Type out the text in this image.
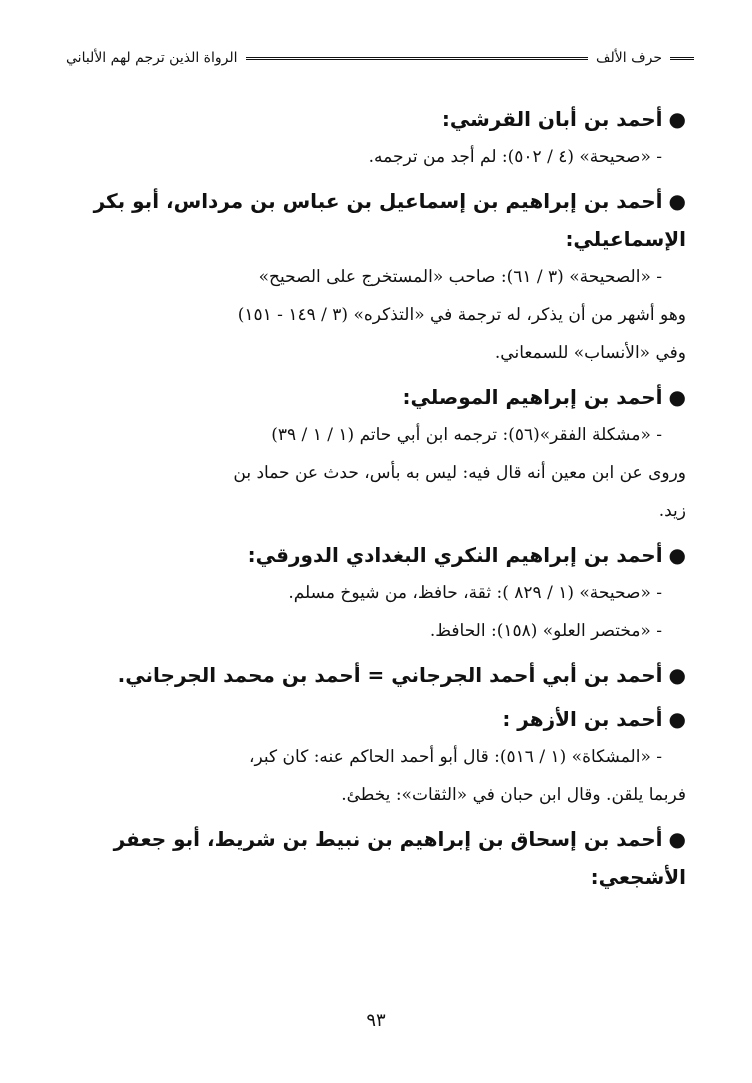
حرف الألف
الرواة الذين ترجم لهم الألباني

●أحمد بن أبان القرشي:

- «صحيحة» (٤ / ٥٠٢): لم أجد من ترجمه.

●أحمد بن إبراهيم بن إسماعيل بن عباس بن مرداس، أبو بكر

الإسماعيلي:

- «الصحيحة» (٣ / ٦١): صاحب «المستخرج على الصحيح»

وهو أشهر من أن يذكر، له ترجمة في «التذكره» (٣ / ١٤٩ - ١٥١)

وفي «الأنساب» للسمعاني.

●أحمد بن إبراهيم الموصلي:

- «مشكلة الفقر»(٥٦): ترجمه ابن أبي حاتم (١ / ١ / ٣٩)

وروى عن ابن معين أنه قال فيه: ليس به بأس، حدث عن حماد بن

زيد.

●أحمد بن إبراهيم النكري البغدادي الدورقي:

- «صحيحة» (١ / ٨٢٩ ): ثقة، حافظ، من شيوخ مسلم.

- «مختصر العلو» (١٥٨): الحافظ.

●أحمد بن أبي أحمد الجرجاني = أحمد بن محمد الجرجاني.

●أحمد بن الأزهر :

- «المشكاة» (١ / ٥١٦): قال أبو أحمد الحاكم عنه: كان كبر،

فربما يلقن. وقال ابن حبان في «الثقات»: يخطئ.

●أحمد بن إسحاق بن إبراهيم بن نبيط بن شريط، أبو جعفر

الأشجعي:

٩٣
